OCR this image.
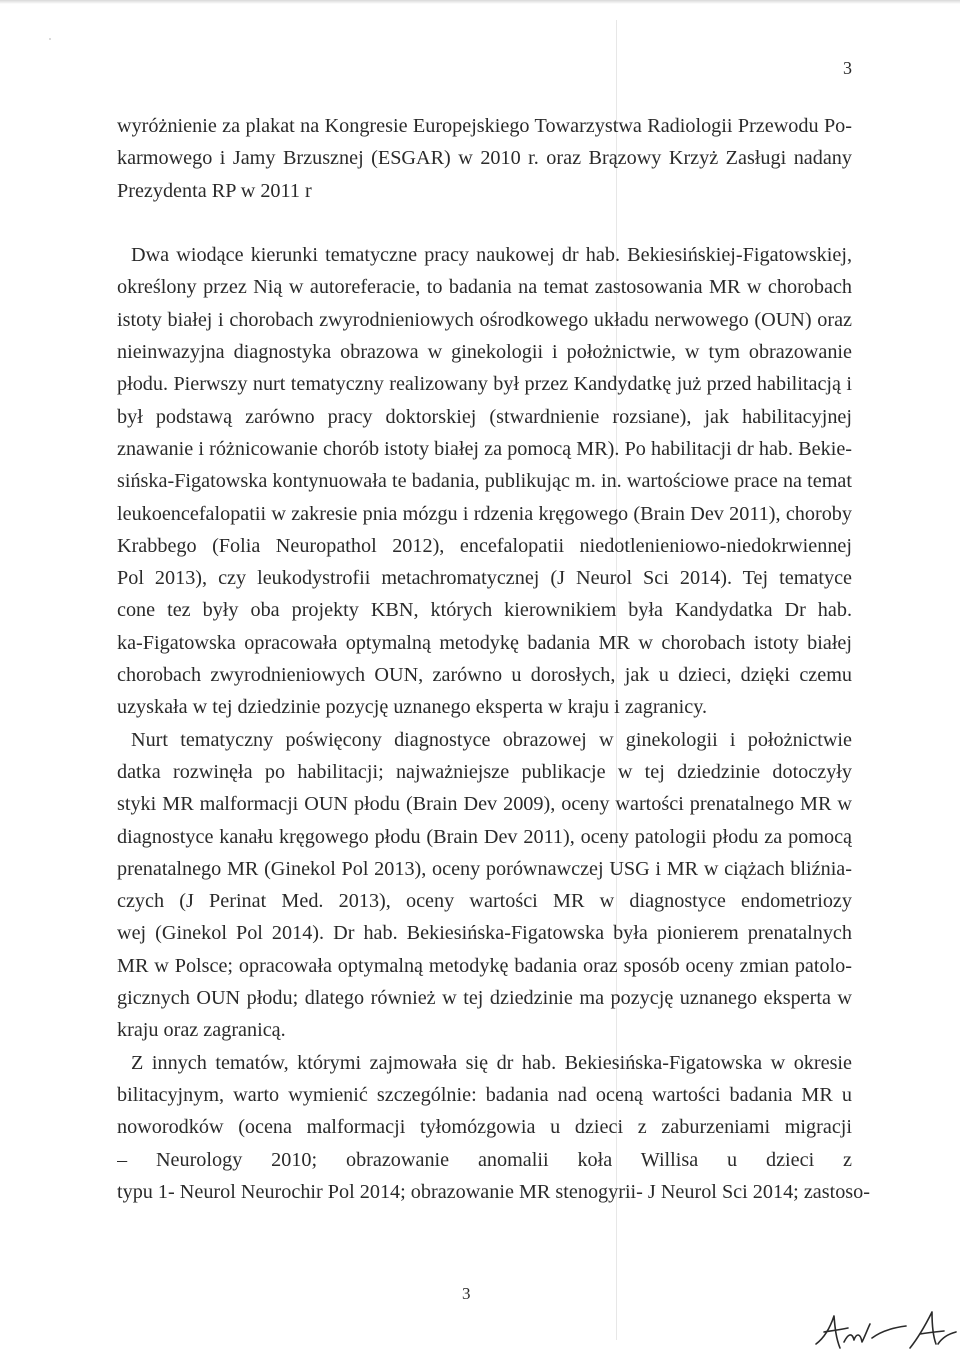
3
wyróżnienie za plakat na Kongresie Europejskiego Towarzystwa Radiologii Przewodu Po-
karmowego i Jamy Brzusznej (ESGAR) w 2010 r. oraz Brązowy Krzyż Zasługi nadany
Prezydenta RP w 2011 r
Dwa wiodące kierunki tematyczne pracy naukowej dr hab. Bekiesińskiej-Figatowskiej,
określony przez Nią w autoreferacie, to badania na temat zastosowania MR w chorobach
istoty białej i chorobach zwyrodnieniowych ośrodkowego układu nerwowego (OUN) oraz
nieinwazyjna diagnostyka obrazowa w ginekologii i położnictwie, w tym obrazowanie
płodu. Pierwszy nurt tematyczny realizowany był przez Kandydatkę już przed habilitacją i
był podstawą zarówno pracy doktorskiej (stwardnienie rozsiane), jak habilitacyjnej
znawanie i różnicowanie chorób istoty białej za pomocą MR). Po habilitacji dr hab. Bekie-
sińska-Figatowska kontynuowała te badania, publikując m. in. wartościowe prace na temat
leukoencefalopatii w zakresie pnia mózgu i rdzenia kręgowego (Brain Dev 2011), choroby
Krabbego (Folia Neuropathol 2012), encefalopatii niedotlenieniowo-niedokrwiennej
Pol 2013), czy leukodystrofii metachromatycznej (J Neurol Sci 2014). Tej tematyce
cone tez były oba projekty KBN, których kierownikiem była Kandydatka Dr hab.
ka-Figatowska opracowała optymalną metodykę badania MR w chorobach istoty białej
chorobach zwyrodnieniowych OUN, zarówno u dorosłych, jak u dzieci, dzięki czemu
uzyskała w tej dziedzinie pozycję uznanego eksperta w kraju i zagranicy.
Nurt tematyczny poświęcony diagnostyce obrazowej w ginekologii i położnictwie
datka rozwinęła po habilitacji; najważniejsze publikacje w tej dziedzinie dotoczyły
styki MR malformacji OUN płodu (Brain Dev 2009), oceny wartości prenatalnego MR w
diagnostyce kanału kręgowego płodu (Brain Dev 2011), oceny patologii płodu za pomocą
prenatalnego MR (Ginekol Pol 2013), oceny porównawczej USG i MR w ciążach bliźnia-
czych (J Perinat Med. 2013), oceny wartości MR w diagnostyce endometriozy
wej (Ginekol Pol 2014). Dr hab. Bekiesińska-Figatowska była pionierem prenatalnych
MR w Polsce; opracowała optymalną metodykę badania oraz sposób oceny zmian patolo-
gicznych OUN płodu; dlatego również w tej dziedzinie ma pozycję uznanego eksperta w
kraju oraz zagranicą.
Z innych tematów, którymi zajmowała się dr hab. Bekiesińska-Figatowska w okresie
bilitacyjnym, warto wymienić szczególnie: badania nad oceną wartości badania MR u
noworodków (ocena malformacji tyłomózgowia u dzieci z zaburzeniami migracji
– Neurology 2010; obrazowanie anomalii koła Willisa u dzieci z
typu 1- Neurol Neurochir Pol 2014; obrazowanie MR stenogyrii- J Neurol Sci 2014; zastoso-
3
